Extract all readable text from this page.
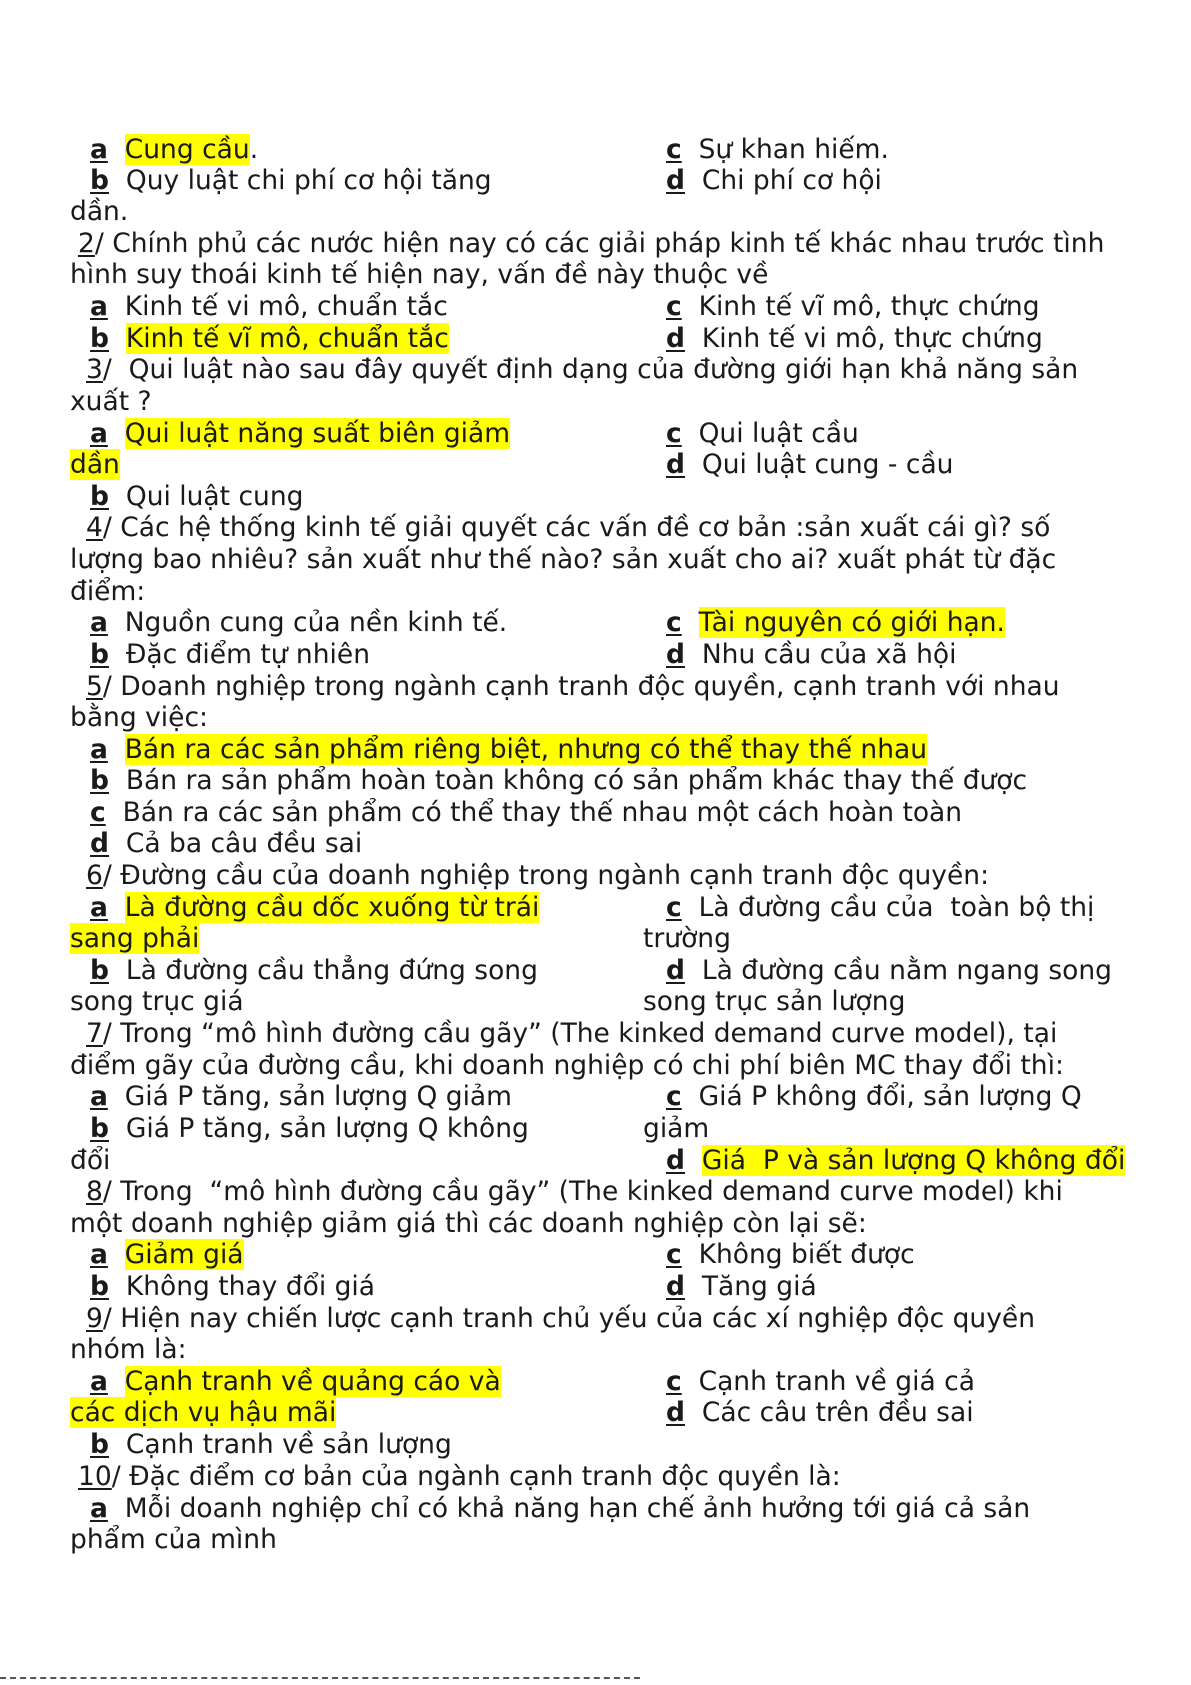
a Cung cầu.	c  Sự khan hiếm.
b  Quy luật chi phí cơ hội tăng	d  Chi phí cơ hội
dần.
2/ Chính phủ các nước hiện nay có các giải pháp kinh tế khác nhau trước tình
hình suy thoái kinh tế hiện nay, vấn đề này thuộc về
a  Kinh tế vi mô, chuẩn tắc	c  Kinh tế vĩ mô, thực chứng
b Kinh tế vĩ mô, chuẩn tắc	d  Kinh tế vi mô, thực chứng
3/  Qui luật nào sau đây quyết định dạng của đường giới hạn khả năng sản
xuất ?
a Qui luật năng suất biên giảm	c  Qui luật cầu
dần	d  Qui luật cung - cầu
b  Qui luật cung
4/ Các hệ thống kinh tế giải quyết các vấn đề cơ bản :sản xuất cái gì? số
lượng bao nhiêu? sản xuất như thế nào? sản xuất cho ai? xuất phát từ đặc
điểm:
a  Nguồn cung của nền kinh tế.	c Tài nguyên có giới hạn.
b  Đặc điểm tự nhiên	d  Nhu cầu của xã hội
5/ Doanh nghiệp trong ngành cạnh tranh độc quyền, cạnh tranh với nhau
bằng việc:
a Bán ra các sản phẩm riêng biệt, nhưng có thể thay thế nhau
b  Bán ra sản phẩm hoàn toàn không có sản phẩm khác thay thế được
c  Bán ra các sản phẩm có thể thay thế nhau một cách hoàn toàn
d  Cả ba câu đều sai
6/ Đường cầu của doanh nghiệp trong ngành cạnh tranh độc quyền:
a Là đường cầu dốc xuống từ trái	c  Là đường cầu của  toàn bộ thị
sang phải	trường
b  Là đường cầu thẳng đứng song	d  Là đường cầu nằm ngang song
song trục giá	song trục sản lượng
7/ Trong “mô hình đường cầu gãy” (The kinked demand curve model), tại
điểm gãy của đường cầu, khi doanh nghiệp có chi phí biên MC thay đổi thì:
a  Giá P tăng, sản lượng Q giảm	c  Giá P không đổi, sản lượng Q
b  Giá P tăng, sản lượng Q không	giảm
đổi	d Giá  P và sản lượng Q không đổi
8/ Trong  “mô hình đường cầu gãy” (The kinked demand curve model) khi
một doanh nghiệp giảm giá thì các doanh nghiệp còn lại sẽ:
a Giảm giá	c  Không biết được
b  Không thay đổi giá	d  Tăng giá
9/ Hiện nay chiến lược cạnh tranh chủ yếu của các xí nghiệp độc quyền
nhóm là:
a Cạnh tranh về quảng cáo và	c  Cạnh tranh về giá cả
các dịch vụ hậu mãi	d  Các câu trên đều sai
b  Cạnh tranh về sản lượng
10/ Đặc điểm cơ bản của ngành cạnh tranh độc quyền là:
a  Mỗi doanh nghiệp chỉ có khả năng hạn chế ảnh hưởng tới giá cả sản
phẩm của mình
